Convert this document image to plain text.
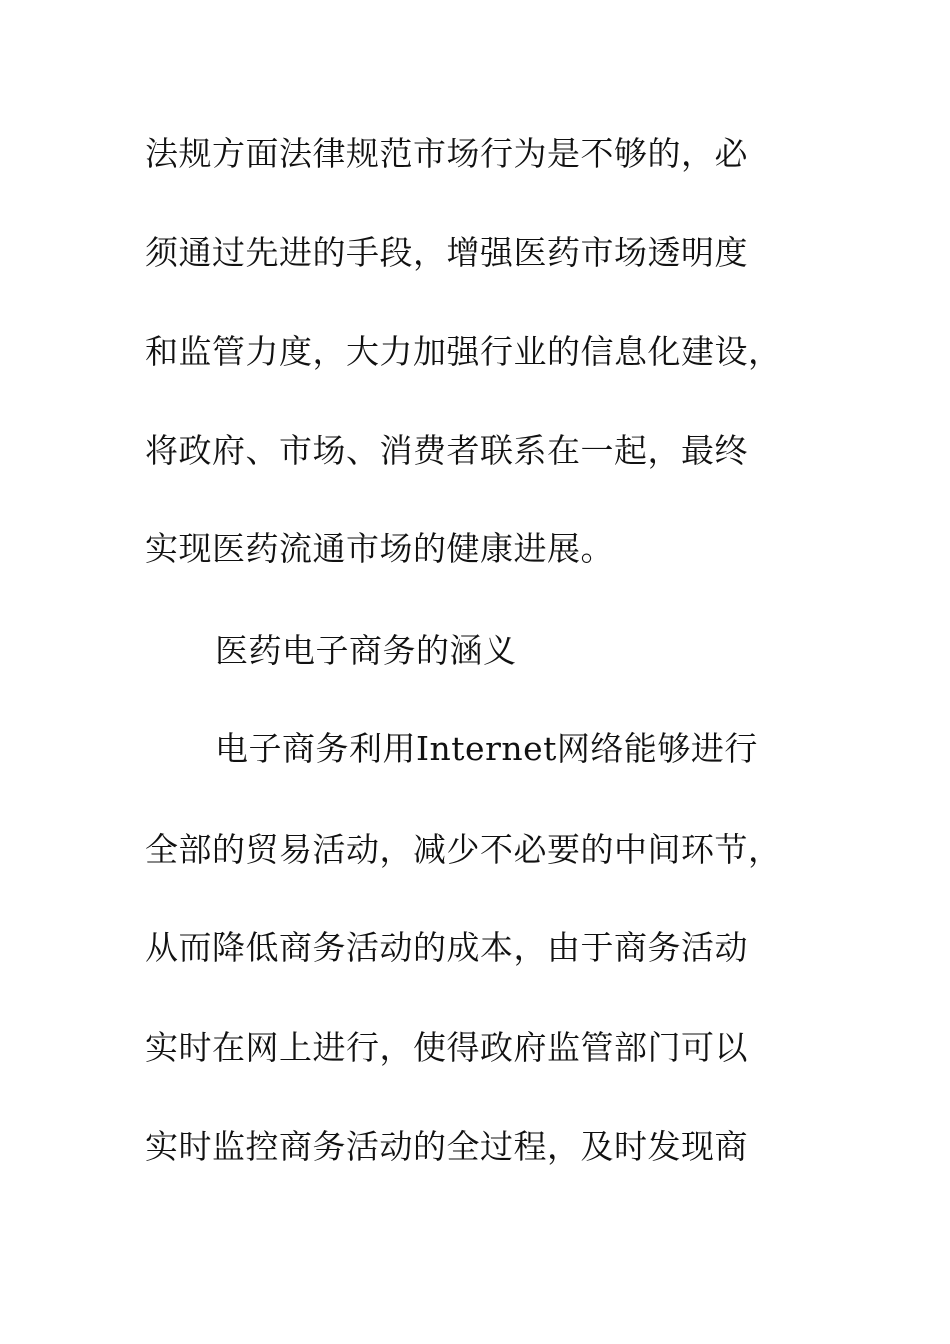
法规方面法律规范市场行为是不够的，必
须通过先进的手段，增强医药市场透明度
和监管力度，大力加强行业的信息化建设，
将政府、市场、消费者联系在一起，最终
实现医药流通市场的健康进展。
医药电子商务的涵义
电子商务利用Internet网络能够进行
全部的贸易活动，减少不必要的中间环节，
从而降低商务活动的成本，由于商务活动
实时在网上进行，使得政府监管部门可以
实时监控商务活动的全过程，及时发现商
